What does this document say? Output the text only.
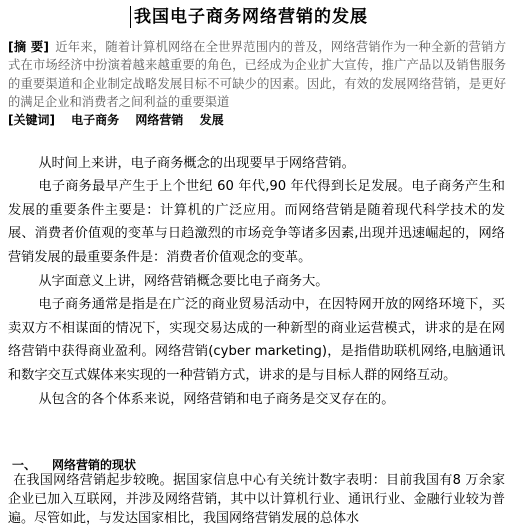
我国电子商务网络营销的发展

[摘 要] 近年来，随着计算机网络在全世界范围内的普及，网络营销作为一种全新的营销方式在市场经济中扮演着越来越重要的角色，已经成为企业扩大宣传，推广产品以及销售服务的重要渠道和企业制定战略发展目标不可缺少的因素。因此，有效的发展网络营销，是更好的满足企业和消费者之间利益的重要渠道

[关键词] 电子商务 网络营销 发展

从时间上来讲，电子商务概念的出现要早于网络营销。

电子商务最早产生于上个世纪 60 年代,90 年代得到长足发展。电子商务产生和发展的重要条件主要是：计算机的广泛应用。而网络营销是随着现代科学技术的发展、消费者价值观的变革与日趋激烈的市场竞争等诸多因素,出现并迅速崛起的，网络营销发展的最重要条件是：消费者价值观念的变革。

从字面意义上讲，网络营销概念要比电子商务大。

电子商务通常是指是在广泛的商业贸易活动中，在因特网开放的网络环境下，买卖双方不相谋面的情况下，实现交易达成的一种新型的商业运营模式，讲求的是在网络营销中获得商业盈利。网络营销(cyber marketing)，是指借助联机网络,电脑通讯和数字交互式媒体来实现的一种营销方式，讲求的是与目标人群的网络互动。

从包含的各个体系来说，网络营销和电子商务是交叉存在的。

一、 网络营销的现状

在我国网络营销起步较晚。据国家信息中心有关统计数字表明：目前我国有8 万余家企业已加入互联网，并涉及网络营销，其中以计算机行业、通讯行业、金融行业较为普遍。尽管如此，与发达国家相比，我国网络营销发展的总体水
